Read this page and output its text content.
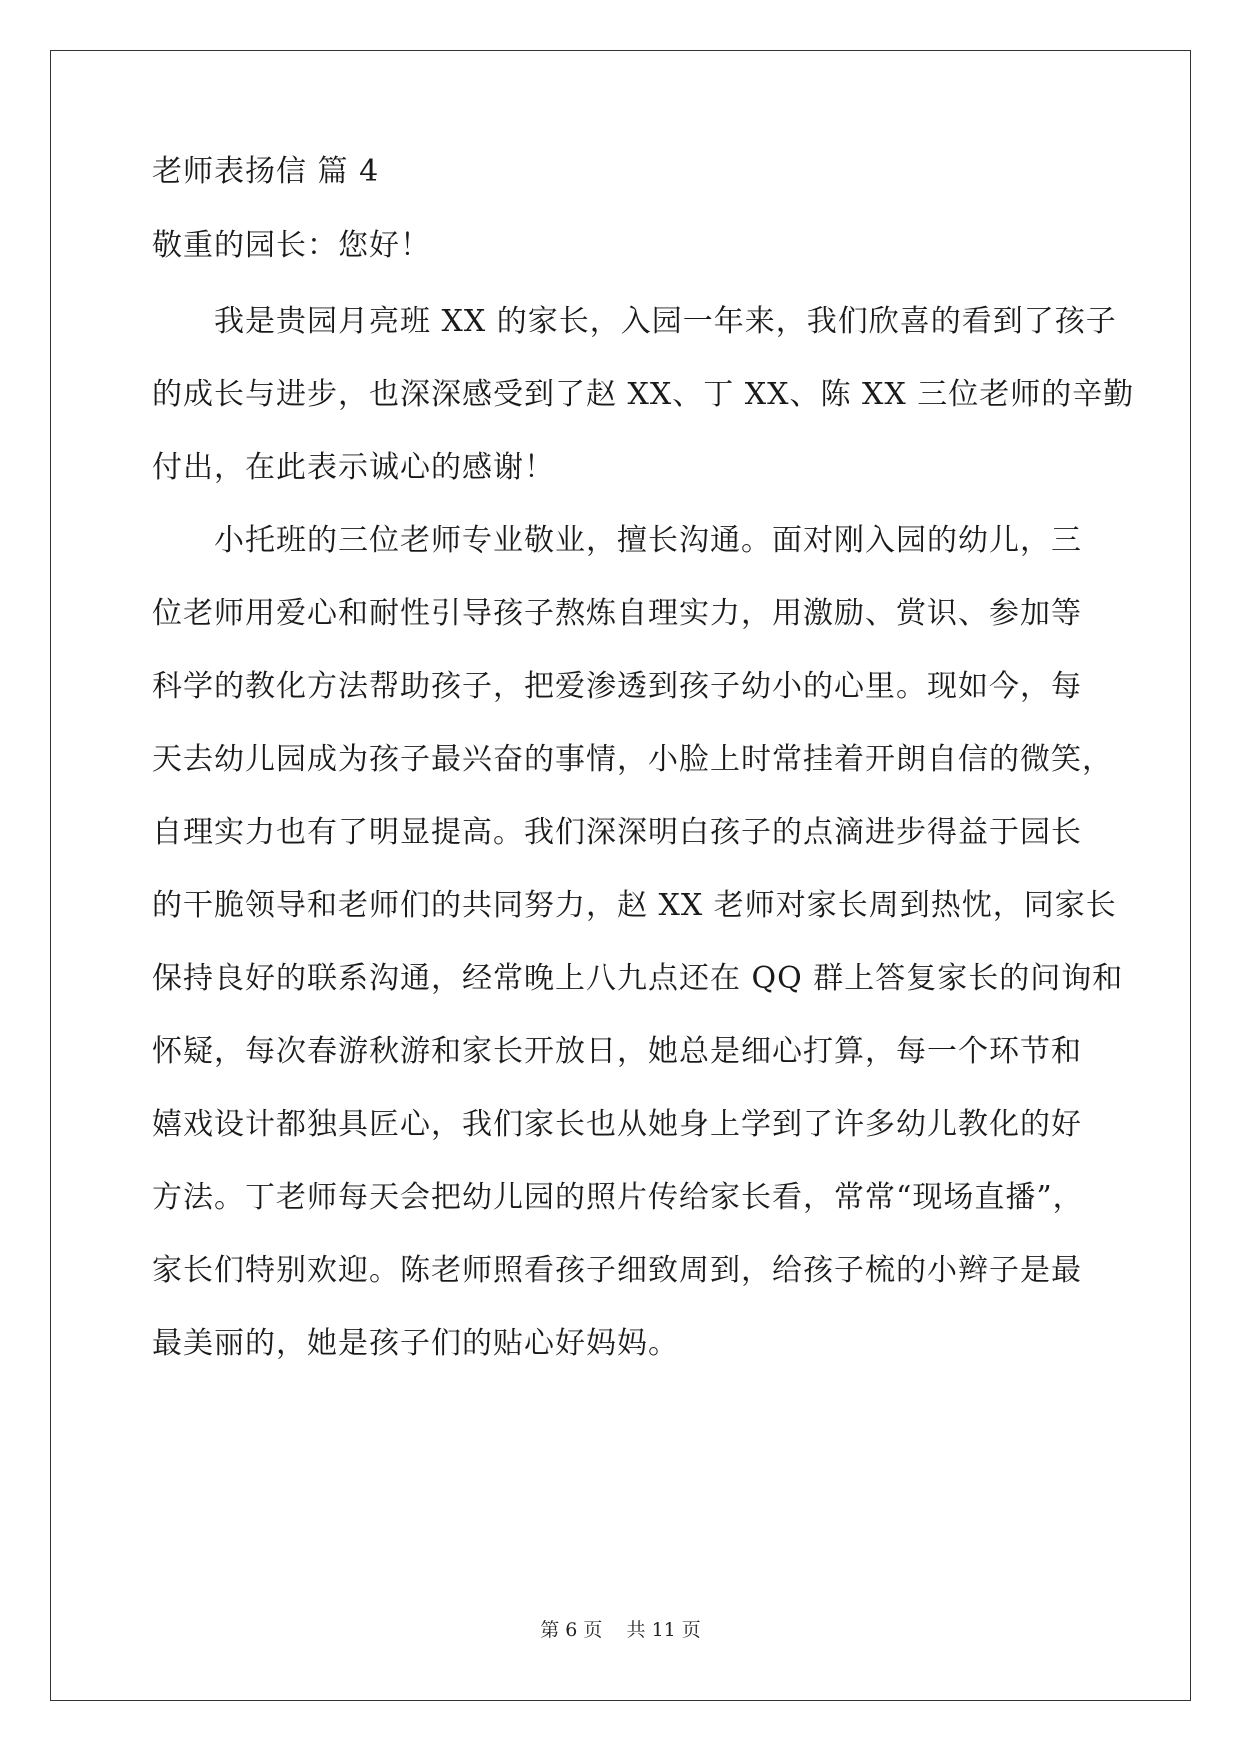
老师表扬信 篇 4
敬重的园长：您好！
我是贵园月亮班 XX 的家长，入园一年来，我们欣喜的看到了孩子
的成长与进步，也深深感受到了赵 XX、丁 XX、陈 XX 三位老师的辛勤
付出，在此表示诚心的感谢！
小托班的三位老师专业敬业，擅长沟通。面对刚入园的幼儿，三
位老师用爱心和耐性引导孩子熬炼自理实力，用激励、赏识、参加等
科学的教化方法帮助孩子，把爱渗透到孩子幼小的心里。现如今，每
天去幼儿园成为孩子最兴奋的事情，小脸上时常挂着开朗自信的微笑，
自理实力也有了明显提高。我们深深明白孩子的点滴进步得益于园长
的干脆领导和老师们的共同努力，赵 XX 老师对家长周到热忱，同家长
保持良好的联系沟通，经常晚上八九点还在 QQ 群上答复家长的问询和
怀疑，每次春游秋游和家长开放日，她总是细心打算，每一个环节和
嬉戏设计都独具匠心，我们家长也从她身上学到了许多幼儿教化的好
方法。丁老师每天会把幼儿园的照片传给家长看，常常“现场直播”，
家长们特别欢迎。陈老师照看孩子细致周到，给孩子梳的小辫子是最
最美丽的，她是孩子们的贴心好妈妈。
第 6 页 共 11 页
